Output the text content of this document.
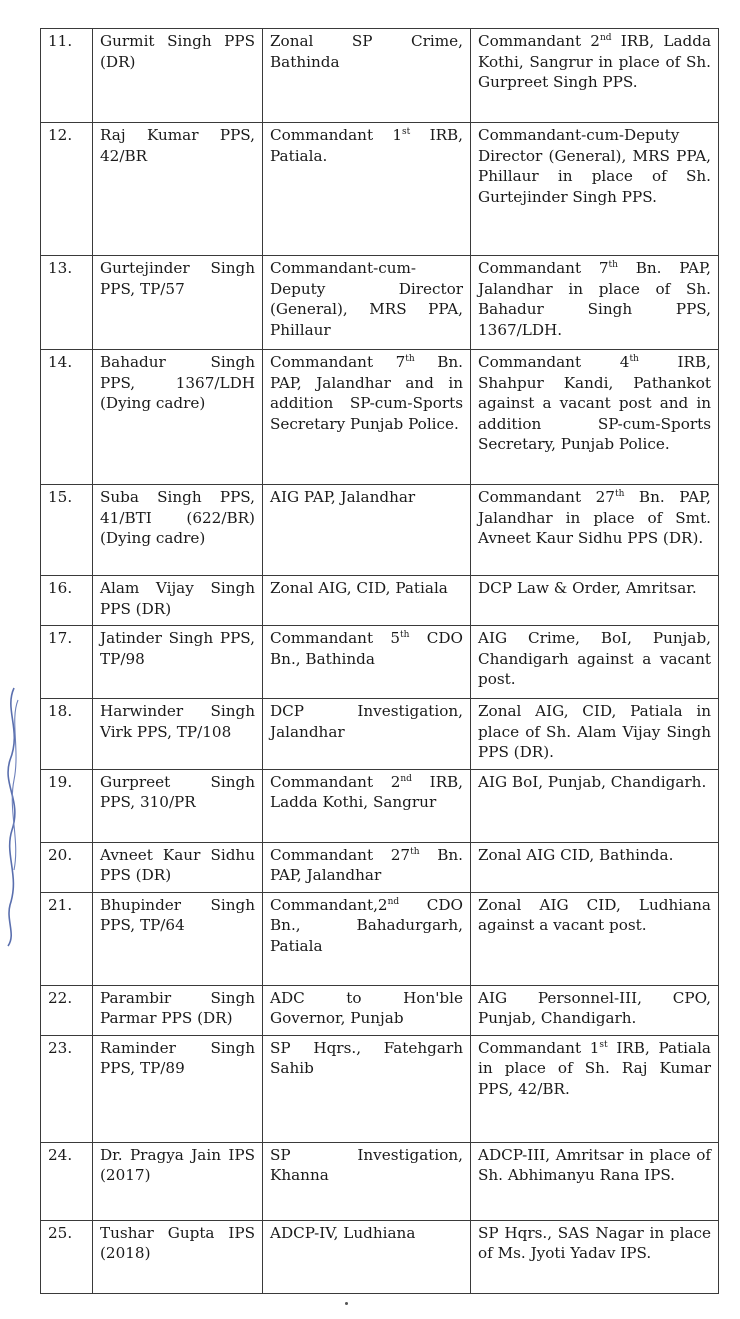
11.	Gurmit Singh PPS (DR)	Zonal SP Crime, Bathinda	Commandant 2nd IRB, Ladda Kothi, Sangrur in place of Sh. Gurpreet Singh PPS.
12.	Raj Kumar PPS, 42/BR	Commandant 1st IRB, Patiala.	Commandant-cum-Deputy Director (General), MRS PPA, Phillaur in place of Sh. Gurtejinder Singh PPS.
13.	Gurtejinder Singh PPS, TP/57	Commandant-cum-Deputy Director (General), MRS PPA, Phillaur	Commandant 7th Bn. PAP, Jalandhar in place of Sh. Bahadur Singh PPS, 1367/LDH.
14.	Bahadur Singh PPS, 1367/LDH (Dying cadre)	Commandant 7th Bn. PAP, Jalandhar and in addition SP-cum-Sports Secretary Punjab Police.	Commandant 4th IRB, Shahpur Kandi, Pathankot against a vacant post and in addition SP-cum-Sports Secretary, Punjab Police.
15.	Suba Singh PPS, 41/BTI (622/BR) (Dying cadre)	AIG PAP, Jalandhar	Commandant 27th Bn. PAP, Jalandhar in place of Smt. Avneet Kaur Sidhu PPS (DR).
16.	Alam Vijay Singh PPS (DR)	Zonal AIG, CID, Patiala	DCP Law & Order, Amritsar.
17.	Jatinder Singh PPS, TP/98	Commandant 5th CDO Bn., Bathinda	AIG Crime, BoI, Punjab, Chandigarh against a vacant post.
18.	Harwinder Singh Virk PPS, TP/108	DCP Investigation, Jalandhar	Zonal AIG, CID, Patiala in place of Sh. Alam Vijay Singh PPS (DR).
19.	Gurpreet Singh PPS, 310/PR	Commandant 2nd IRB, Ladda Kothi, Sangrur	AIG BoI, Punjab, Chandigarh.
20.	Avneet Kaur Sidhu PPS (DR)	Commandant 27th Bn. PAP, Jalandhar	Zonal AIG CID, Bathinda.
21.	Bhupinder Singh PPS, TP/64	Commandant,2nd CDO Bn., Bahadurgarh, Patiala	Zonal AIG CID, Ludhiana against a vacant post.
22.	Parambir Singh Parmar PPS (DR)	ADC to Hon'ble Governor, Punjab	AIG Personnel-III, CPO, Punjab, Chandigarh.
23.	Raminder Singh PPS, TP/89	SP Hqrs., Fatehgarh Sahib	Commandant 1st IRB, Patiala in place of Sh. Raj Kumar PPS, 42/BR.
24.	Dr. Pragya Jain IPS (2017)	SP Investigation, Khanna	ADCP-III, Amritsar in place of Sh. Abhimanyu Rana IPS.
25.	Tushar Gupta IPS (2018)	ADCP-IV, Ludhiana	SP Hqrs., SAS Nagar in place of Ms. Jyoti Yadav IPS.
